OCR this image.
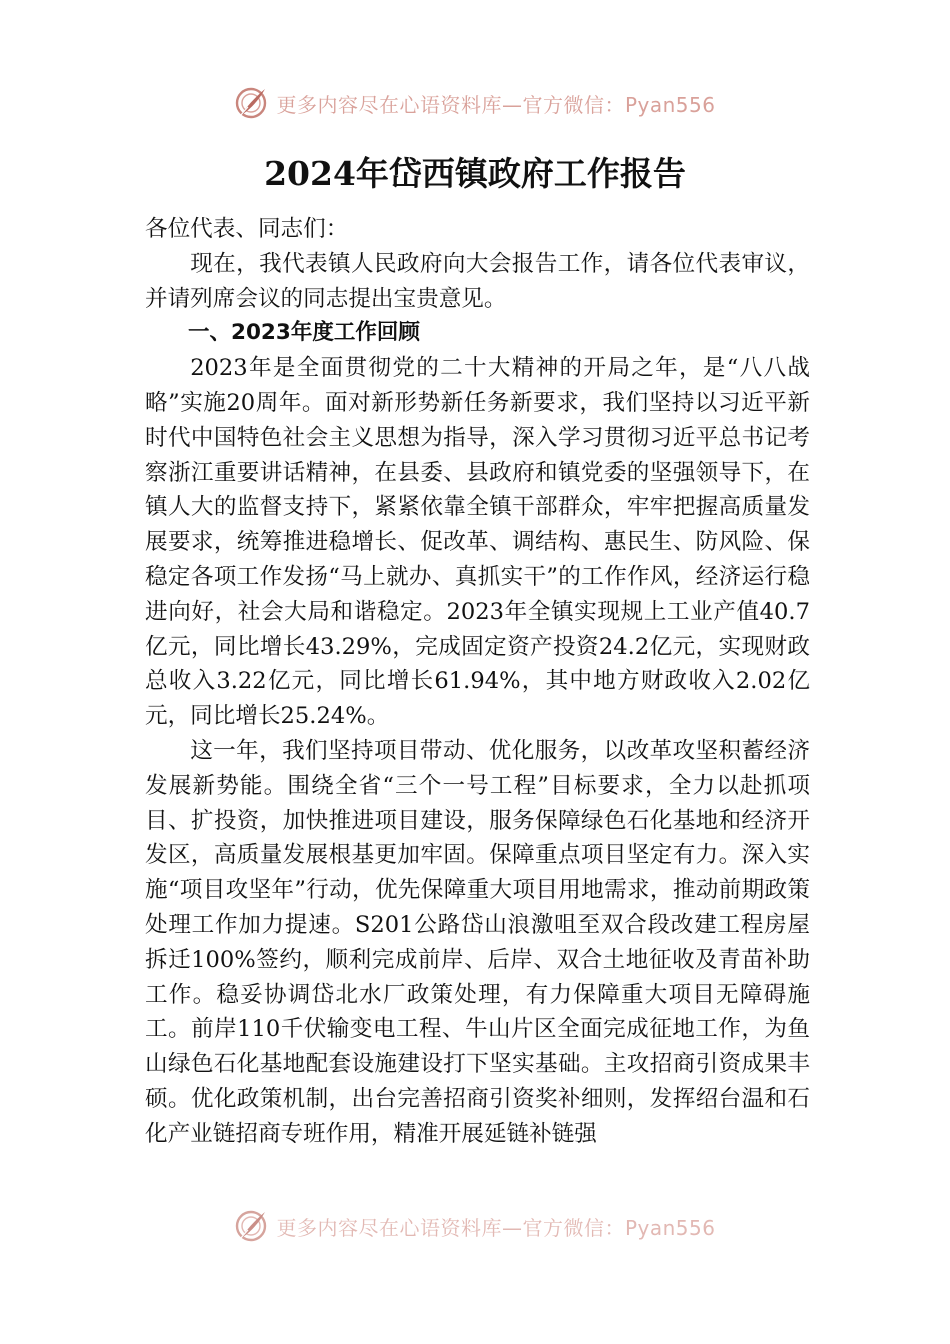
更多内容尽在心语资料库—官方微信：Pyan556
2024年岱西镇政府工作报告

各位代表、同志们：

现在，我代表镇人民政府向大会报告工作，请各位代表审议，并请列席会议的同志提出宝贵意见。

一、2023年度工作回顾

2023年是全面贯彻党的二十大精神的开局之年，是“八八战略”实施20周年。面对新形势新任务新要求，我们坚持以习近平新时代中国特色社会主义思想为指导，深入学习贯彻习近平总书记考察浙江重要讲话精神，在县委、县政府和镇党委的坚强领导下，在镇人大的监督支持下，紧紧依靠全镇干部群众，牢牢把握高质量发展要求，统筹推进稳增长、促改革、调结构、惠民生、防风险、保稳定各项工作发扬“马上就办、真抓实干”的工作作风，经济运行稳进向好，社会大局和谐稳定。2023年全镇实现规上工业产值40.7亿元，同比增长43.29%，完成固定资产投资24.2亿元，实现财政总收入3.22亿元，同比增长61.94%，其中地方财政收入2.02亿元，同比增长25.24%。

这一年，我们坚持项目带动、优化服务，以改革攻坚积蓄经济发展新势能。围绕全省“三个一号工程”目标要求，全力以赴抓项目、扩投资，加快推进项目建设，服务保障绿色石化基地和经济开发区，高质量发展根基更加牢固。保障重点项目坚定有力。深入实施“项目攻坚年”行动，优先保障重大项目用地需求，推动前期政策处理工作加力提速。S201公路岱山浪激咀至双合段改建工程房屋拆迁100%签约，顺利完成前岸、后岸、双合土地征收及青苗补助工作。稳妥协调岱北水厂政策处理，有力保障重大项目无障碍施工。前岸110千伏输变电工程、牛山片区全面完成征地工作，为鱼山绿色石化基地配套设施建设打下坚实基础。主攻招商引资成果丰硕。优化政策机制，出台完善招商引资奖补细则，发挥绍台温和石化产业链招商专班作用，精准开展延链补链强

更多内容尽在心语资料库—官方微信：Pyan556
